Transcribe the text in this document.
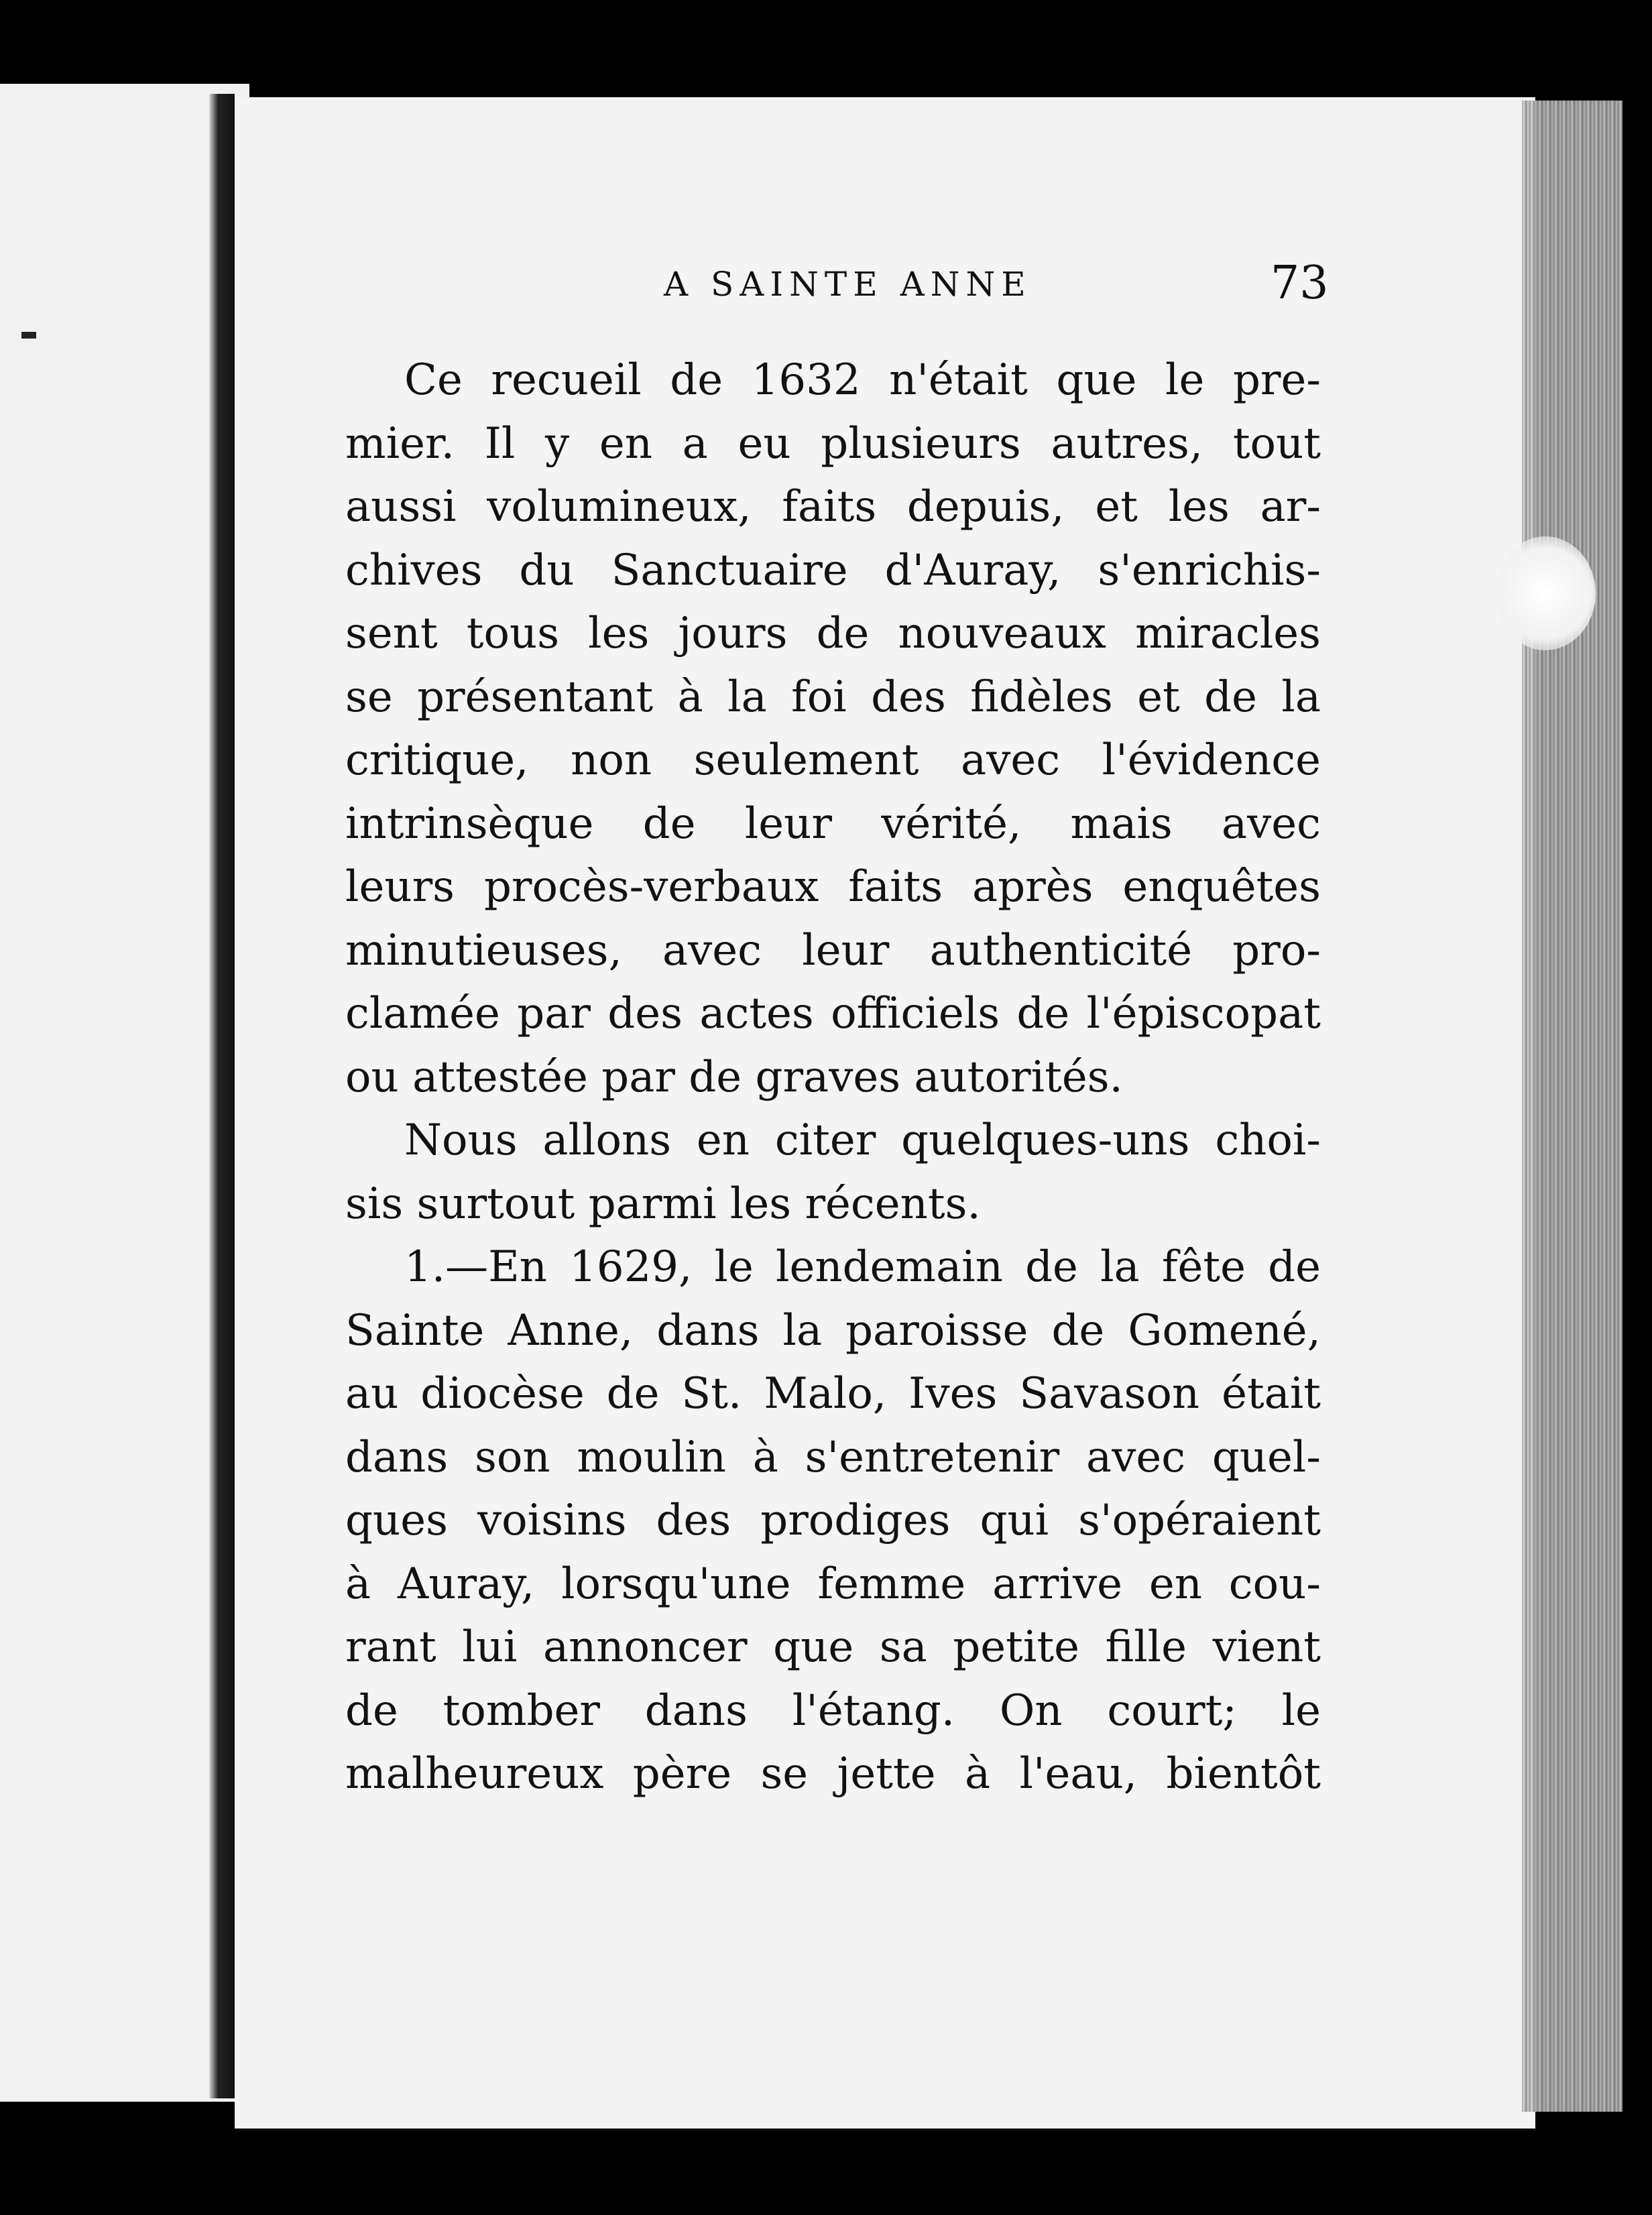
A SAINTE ANNE	73
Ce recueil de 1632 n'était que le pre-
mier. Il y en a eu plusieurs autres, tout
aussi volumineux, faits depuis, et les ar-
chives du Sanctuaire d'Auray, s'enrichis-
sent tous les jours de nouveaux miracles
se présentant à la foi des fidèles et de la
critique, non seulement avec l'évidence
intrinsèque de leur vérité, mais avec
leurs procès-verbaux faits après enquêtes
minutieuses, avec leur authenticité pro-
clamée par des actes officiels de l'épiscopat
ou attestée par de graves autorités.
Nous allons en citer quelques-uns choi-
sis surtout parmi les récents.
1.—En 1629, le lendemain de la fête de
Sainte Anne, dans la paroisse de Gomené,
au diocèse de St. Malo, Ives Savason était
dans son moulin à s'entretenir avec quel-
ques voisins des prodiges qui s'opéraient
à Auray, lorsqu'une femme arrive en cou-
rant lui annoncer que sa petite fille vient
de tomber dans l'étang. On court; le
malheureux père se jette à l'eau, bientôt
